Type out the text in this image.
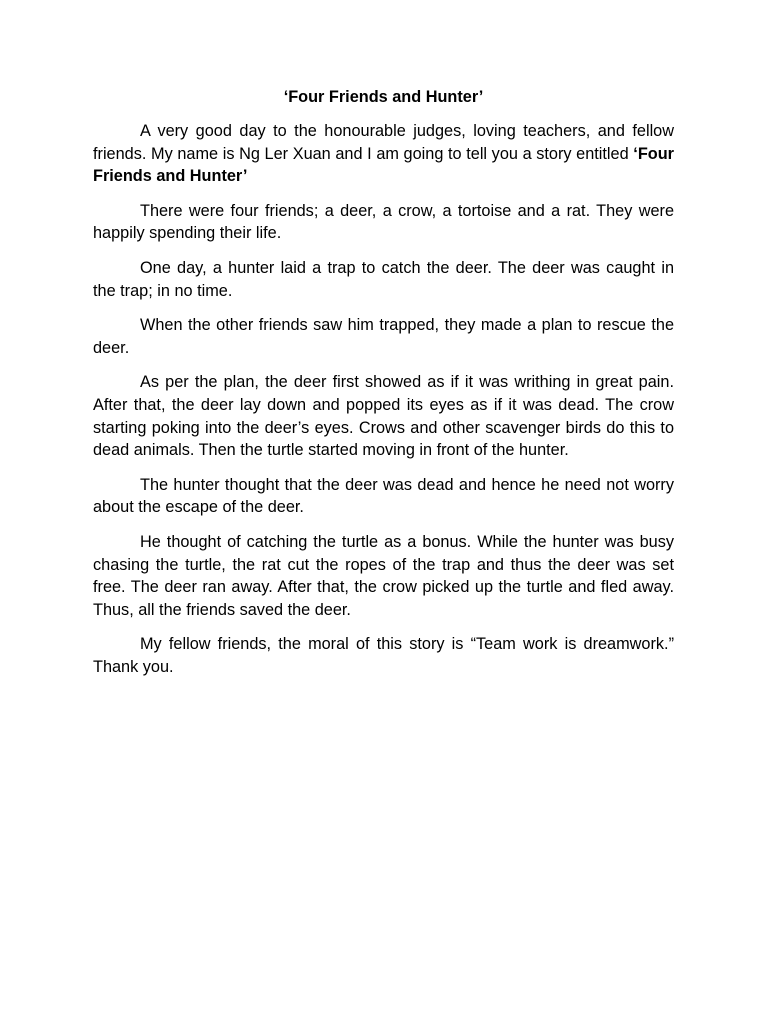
‘Four Friends and Hunter’

A very good day to the honourable judges, loving teachers, and fellow friends. My name is Ng Ler Xuan and I am going to tell you a story entitled ‘Four Friends and Hunter’

There were four friends; a deer, a crow, a tortoise and a rat. They were happily spending their life.

One day, a hunter laid a trap to catch the deer. The deer was caught in the trap; in no time.

When the other friends saw him trapped, they made a plan to rescue the deer.

As per the plan, the deer first showed as if it was writhing in great pain. After that, the deer lay down and popped its eyes as if it was dead. The crow starting poking into the deer’s eyes. Crows and other scavenger birds do this to dead animals. Then the turtle started moving in front of the hunter.

The hunter thought that the deer was dead and hence he need not worry about the escape of the deer.

He thought of catching the turtle as a bonus. While the hunter was busy chasing the turtle, the rat cut the ropes of the trap and thus the deer was set free. The deer ran away. After that, the crow picked up the turtle and fled away. Thus, all the friends saved the deer.

My fellow friends, the moral of this story is “Team work is dreamwork.” Thank you.
